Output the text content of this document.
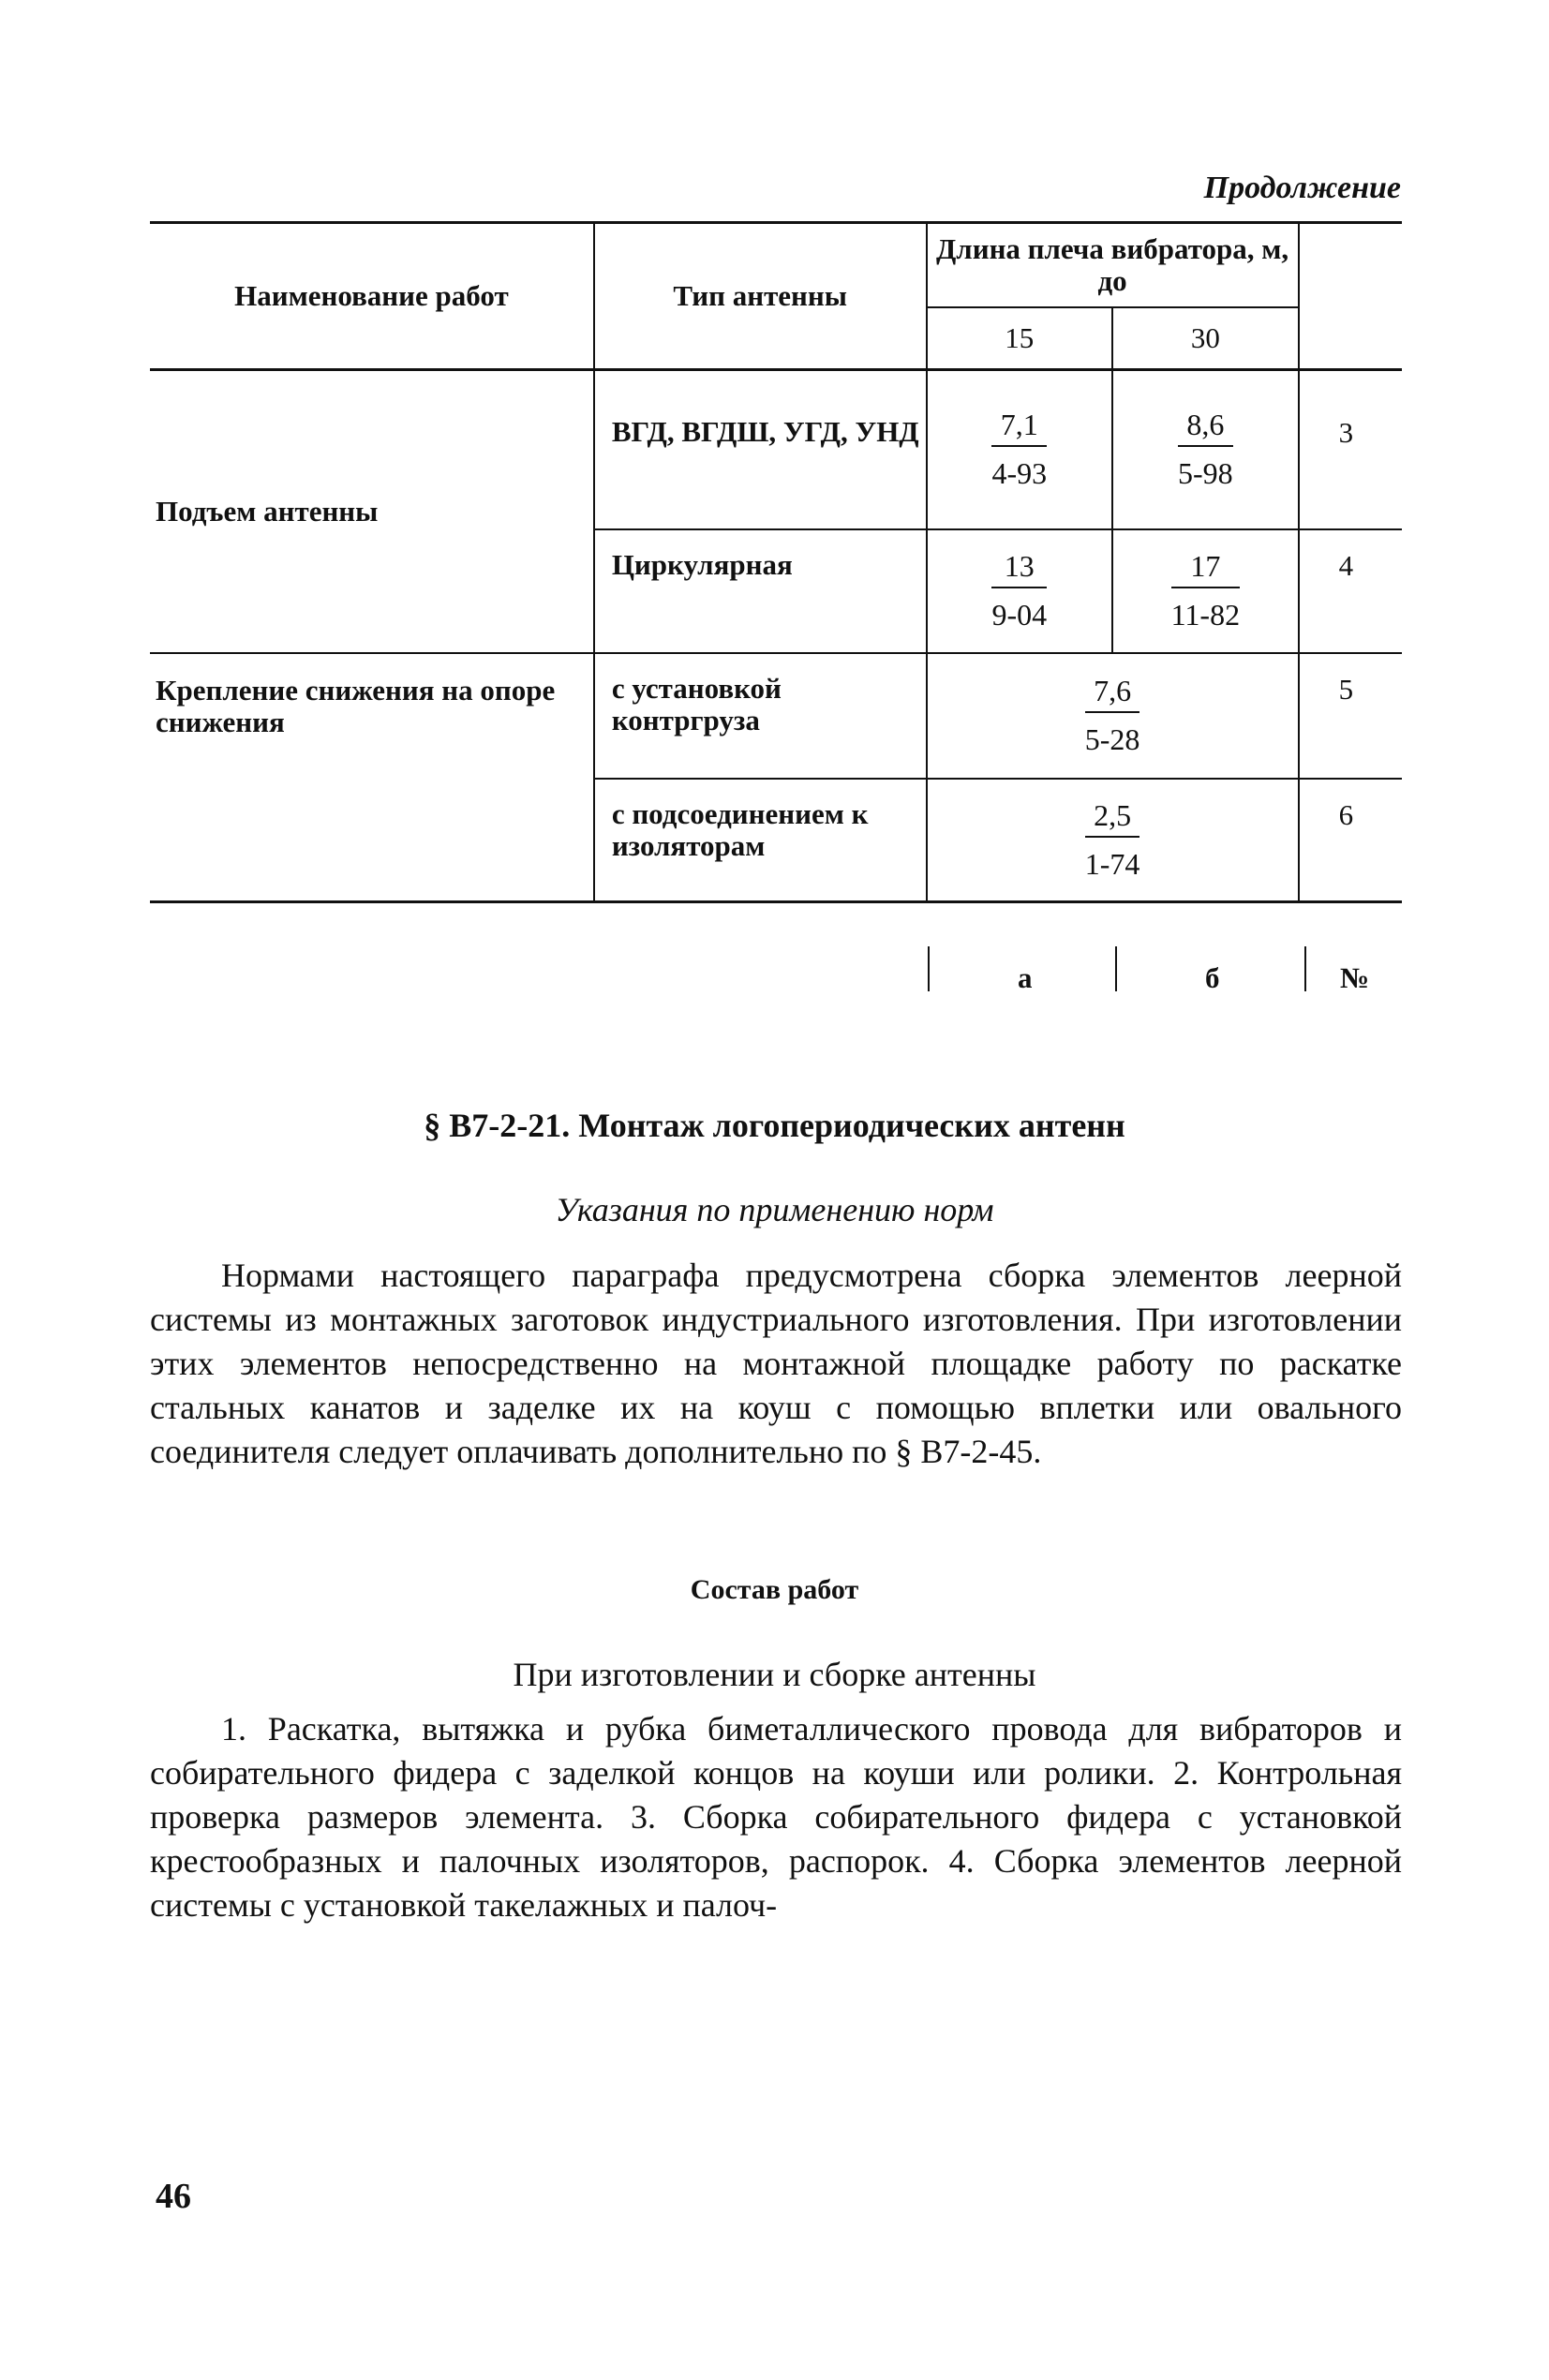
Продолжение
Наименование работ	Тип антенны	Длина плеча вибратора, м, до		
		15	30	
Подъем антенны	ВГД, ВГДШ, УГД, УНД	$\frac{7,1}{4-93}$	$\frac{8,6}{5-98}$	3
	Циркулярная	$\frac{13}{9-04}$	$\frac{17}{11-82}$	4
Крепление снижения на опоре снижения	с установкой контргруза	$\frac{7,6}{5-28}$		5
	с подсоединением к изоляторам	$\frac{2,5}{1-74}$		6
а	б	№
§ В7-2-21. Монтаж логопериодических антенн
Указания по применению норм
Нормами настоящего параграфа предусмотрена сборка элементов леерной системы из монтажных заготовок индустриального изготовления. При изготовлении этих элементов непосредственно на монтажной площадке работу по раскатке стальных канатов и заделке их на коуш с помощью вплетки или овального соединителя следует оплачивать дополнительно по § В7-2-45.
Состав работ
При изготовлении и сборке антенны
1. Раскатка, вытяжка и рубка биметаллического провода для вибраторов и собирательного фидера с заделкой концов на коуши или ролики. 2. Контрольная проверка размеров элемента. 3. Сборка собирательного фидера с установкой крестообразных и палочных изоляторов, распорок. 4. Сборка элементов леерной системы с установкой такелажных и палоч-
46
